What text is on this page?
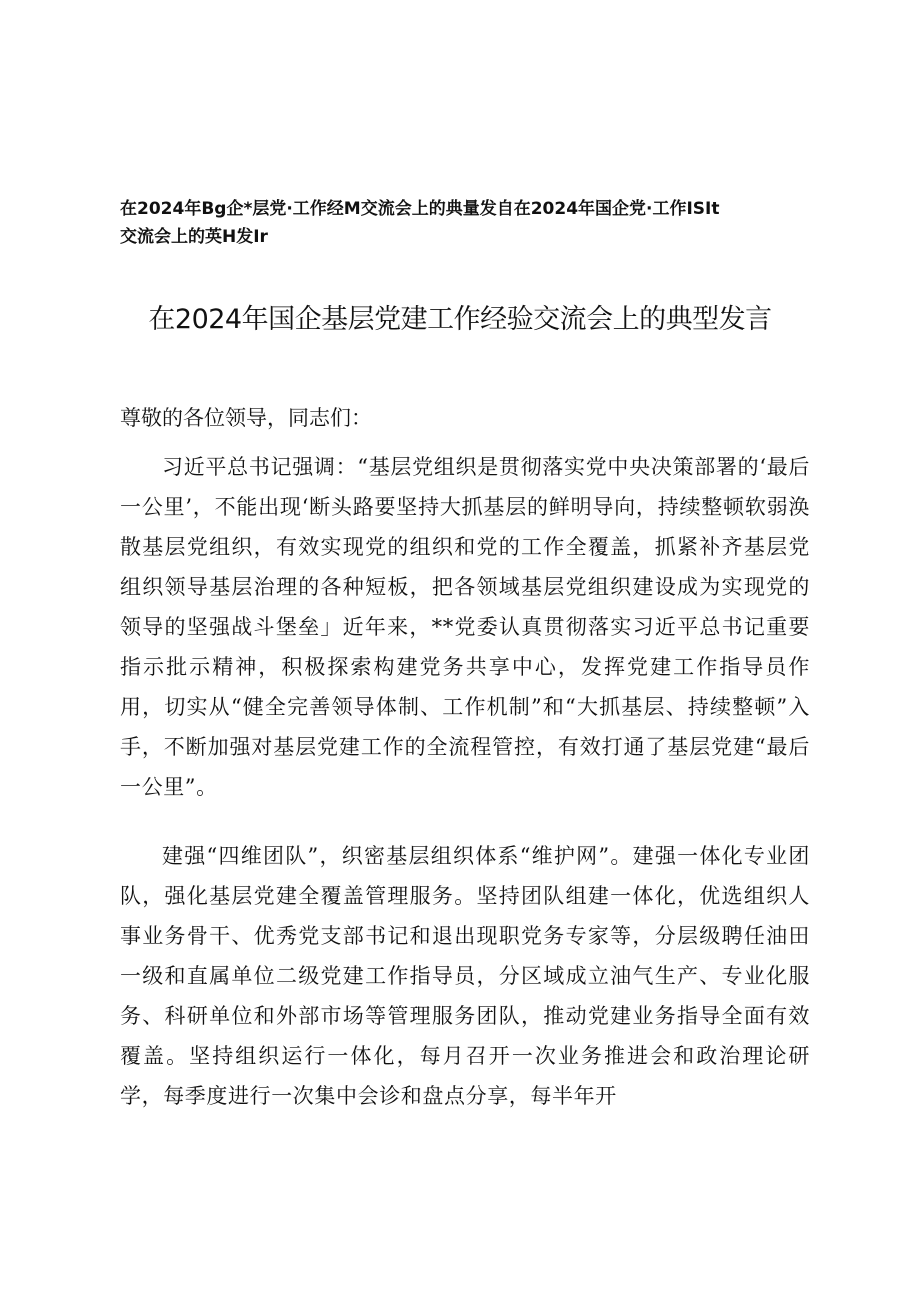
在2024年Bg企*层党·工作经M交流会上的典量发自在2024年国企党·工作ISIt
交流会上的英H发Ir
在2024年国企基层党建工作经验交流会上的典型发言
尊敬的各位领导，同志们：

习近平总书记强调：“基层党组织是贯彻落实党中央决策部署的‘最后一公里’，不能出现‘断头路要坚持大抓基层的鲜明导向，持续整顿软弱涣散基层党组织，有效实现党的组织和党的工作全覆盖，抓紧补齐基层党组织领导基层治理的各种短板，把各领域基层党组织建设成为实现党的领导的坚强战斗堡垒」近年来，**党委认真贯彻落实习近平总书记重要指示批示精神，积极探索构建党务共享中心，发挥党建工作指导员作用，切实从“健全完善领导体制、工作机制”和“大抓基层、持续整顿”入手，不断加强对基层党建工作的全流程管控，有效打通了基层党建“最后一公里”。

建强“四维团队”，织密基层组织体系“维护网”。建强一体化专业团队，强化基层党建全覆盖管理服务。坚持团队组建一体化，优选组织人事业务骨干、优秀党支部书记和退出现职党务专家等，分层级聘任油田一级和直属单位二级党建工作指导员，分区域成立油气生产、专业化服务、科研单位和外部市场等管理服务团队，推动党建业务指导全面有效覆盖。坚持组织运行一体化，每月召开一次业务推进会和政治理论研学，每季度进行一次集中会诊和盘点分享，每半年开
